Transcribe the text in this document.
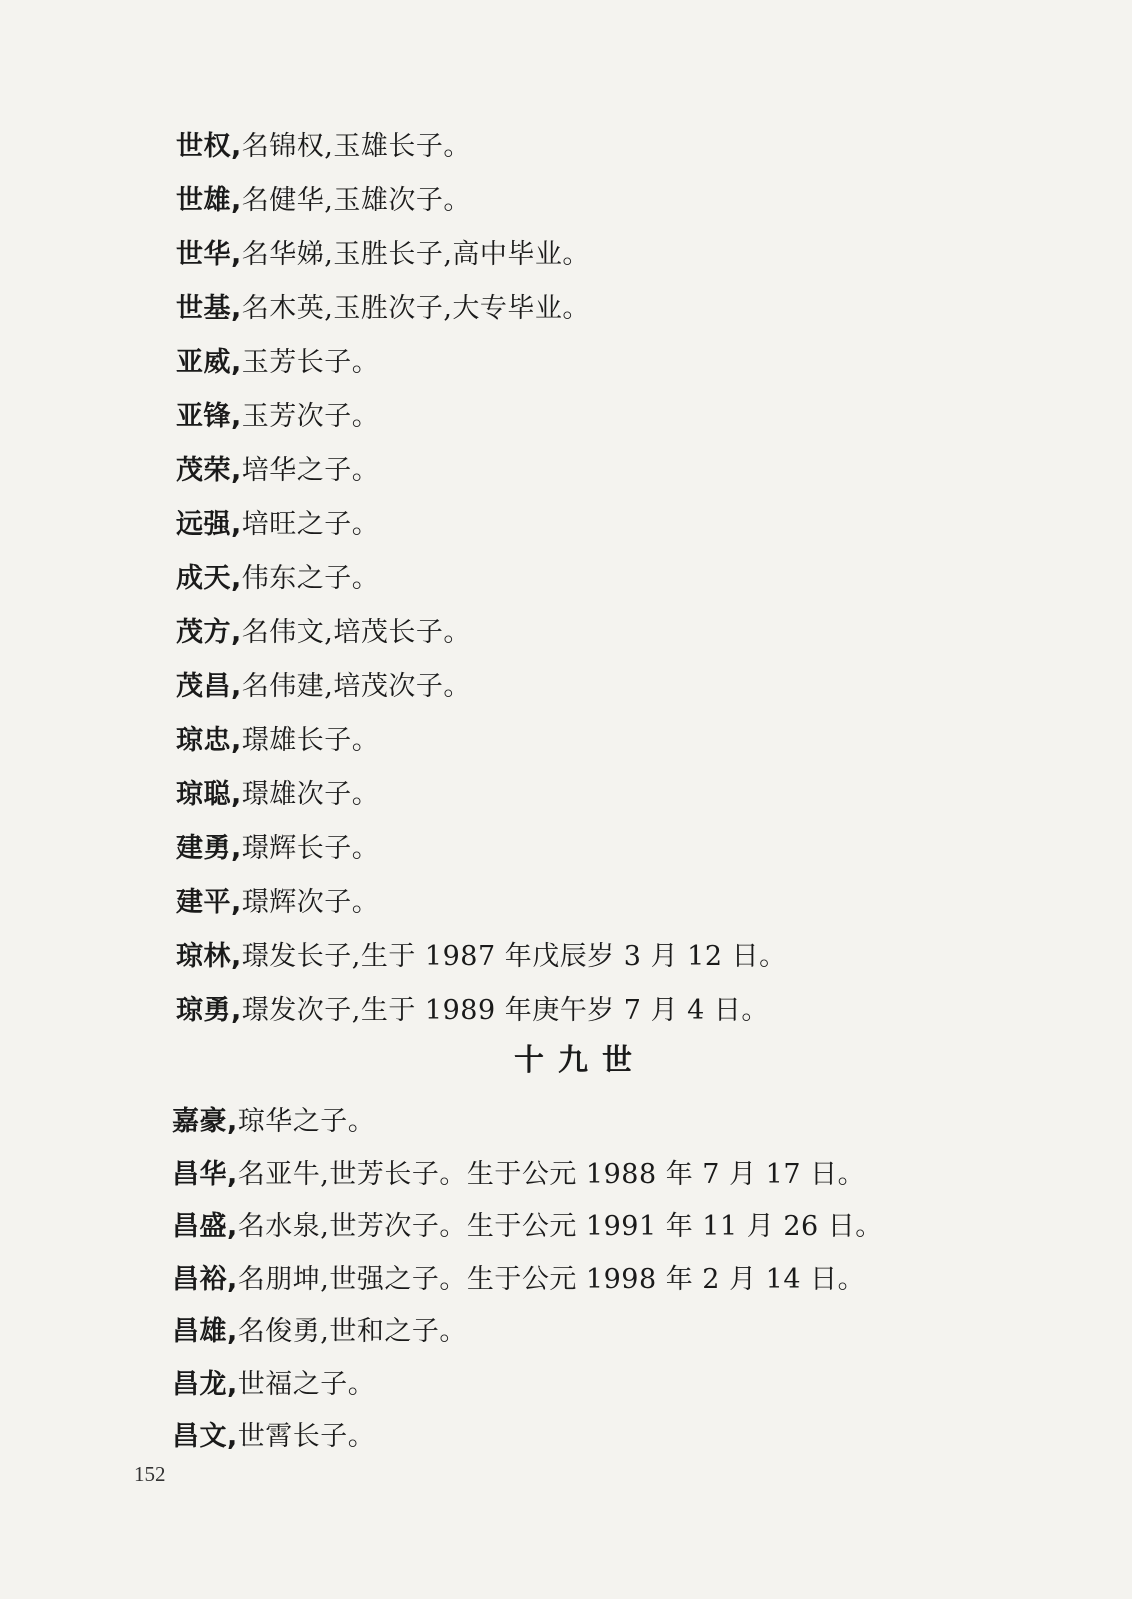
世权,名锦权,玉雄长子。
世雄,名健华,玉雄次子。
世华,名华娣,玉胜长子,高中毕业。
世基,名木英,玉胜次子,大专毕业。
亚威,玉芳长子。
亚锋,玉芳次子。
茂荣,培华之子。
远强,培旺之子。
成天,伟东之子。
茂方,名伟文,培茂长子。
茂昌,名伟建,培茂次子。
琼忠,璟雄长子。
琼聪,璟雄次子。
建勇,璟辉长子。
建平,璟辉次子。
琼林,璟发长子,生于 1987 年戊辰岁 3 月 12 日。
琼勇,璟发次子,生于 1989 年庚午岁 7 月 4 日。
十九世
嘉豪,琼华之子。
昌华,名亚牛,世芳长子。生于公元 1988 年 7 月 17 日。
昌盛,名水泉,世芳次子。生于公元 1991 年 11 月 26 日。
昌裕,名朋坤,世强之子。生于公元 1998 年 2 月 14 日。
昌雄,名俊勇,世和之子。
昌龙,世福之子。
昌文,世霄长子。
152
